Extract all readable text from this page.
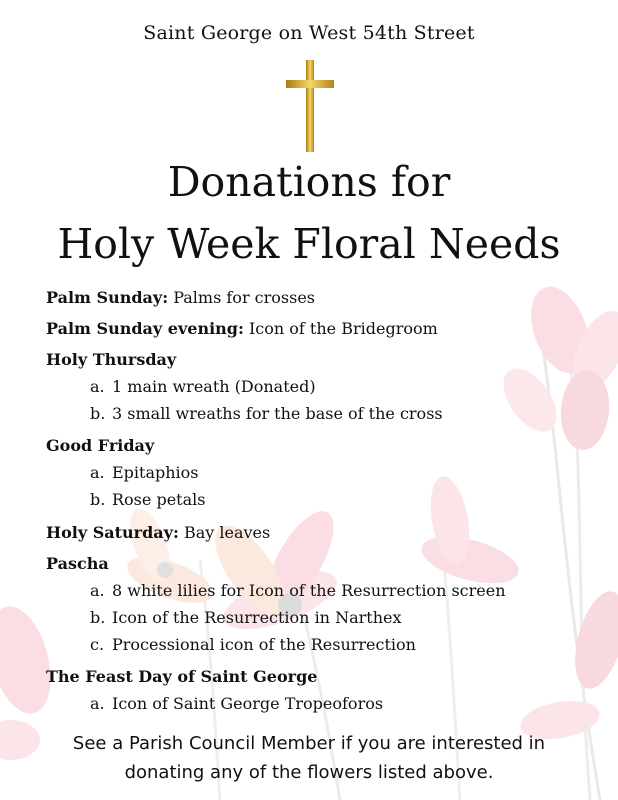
Saint George on West 54th Street
Donations for
Holy Week Floral Needs
Palm Sunday: Palms for crosses
Palm Sunday evening: Icon of the Bridegroom
Holy Thursday
a. 1 main wreath (Donated)
b. 3 small wreaths for the base of the cross
Good Friday
a. Epitaphios
b. Rose petals
Holy Saturday: Bay leaves
Pascha
a. 8 white lilies for Icon of the Resurrection screen
b. Icon of the Resurrection in Narthex
c. Processional icon of the Resurrection
The Feast Day of Saint George
a. Icon of Saint George Tropeoforos
See a Parish Council Member if you are interested in
donating any of the flowers listed above.
